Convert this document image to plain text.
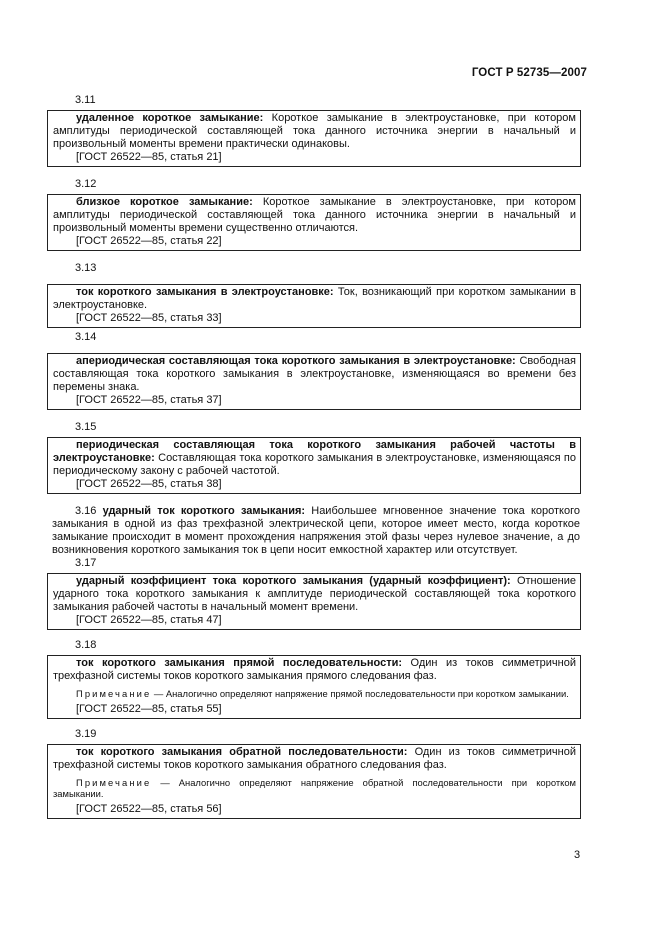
ГОСТ Р 52735—2007
3.11

удаленное короткое замыкание: Короткое замыкание в электроустановке, при котором амплитуды периодической составляющей тока данного источника энергии в начальный и произвольный моменты времени практически одинаковы.

[ГОСТ 26522—85, статья 21]

3.12

близкое короткое замыкание: Короткое замыкание в электроустановке, при котором амплитуды периодической составляющей тока данного источника энергии в начальный и произвольный моменты времени существенно отличаются.

[ГОСТ 26522—85, статья 22]

3.13

ток короткого замыкания в электроустановке: Ток, возникающий при коротком замыкании в электроустановке.

[ГОСТ 26522—85, статья 33]

3.14

апериодическая составляющая тока короткого замыкания в электроустановке: Свободная составляющая тока короткого замыкания в электроустановке, изменяющаяся во времени без перемены знака.

[ГОСТ 26522—85, статья 37]

3.15

периодическая составляющая тока короткого замыкания рабочей частоты в электроустановке: Составляющая тока короткого замыкания в электроустановке, изменяющаяся по периодическому закону с рабочей частотой.

[ГОСТ 26522—85, статья 38]

3.16 ударный ток короткого замыкания: Наибольшее мгновенное значение тока короткого замыкания в одной из фаз трехфазной электрической цепи, которое имеет место, когда короткое замыкание происходит в момент прохождения напряжения этой фазы через нулевое значение, а до возникновения короткого замыкания ток в цепи носит емкостной характер или отсутствует.

3.17

ударный коэффициент тока короткого замыкания (ударный коэффициент): Отношение ударного тока короткого замыкания к амплитуде периодической составляющей тока короткого замыкания рабочей частоты в начальный момент времени.

[ГОСТ 26522—85, статья 47]

3.18

ток короткого замыкания прямой последовательности: Один из токов симметричной трехфазной системы токов короткого замыкания прямого следования фаз.

Примечание — Аналогично определяют напряжение прямой последовательности при коротком замыкании.

[ГОСТ 26522—85, статья 55]

3.19

ток короткого замыкания обратной последовательности: Один из токов симметричной трехфазной системы токов короткого замыкания обратного следования фаз.

Примечание — Аналогично определяют напряжение обратной последовательности при коротком замыкании.

[ГОСТ 26522—85, статья 56]

3
